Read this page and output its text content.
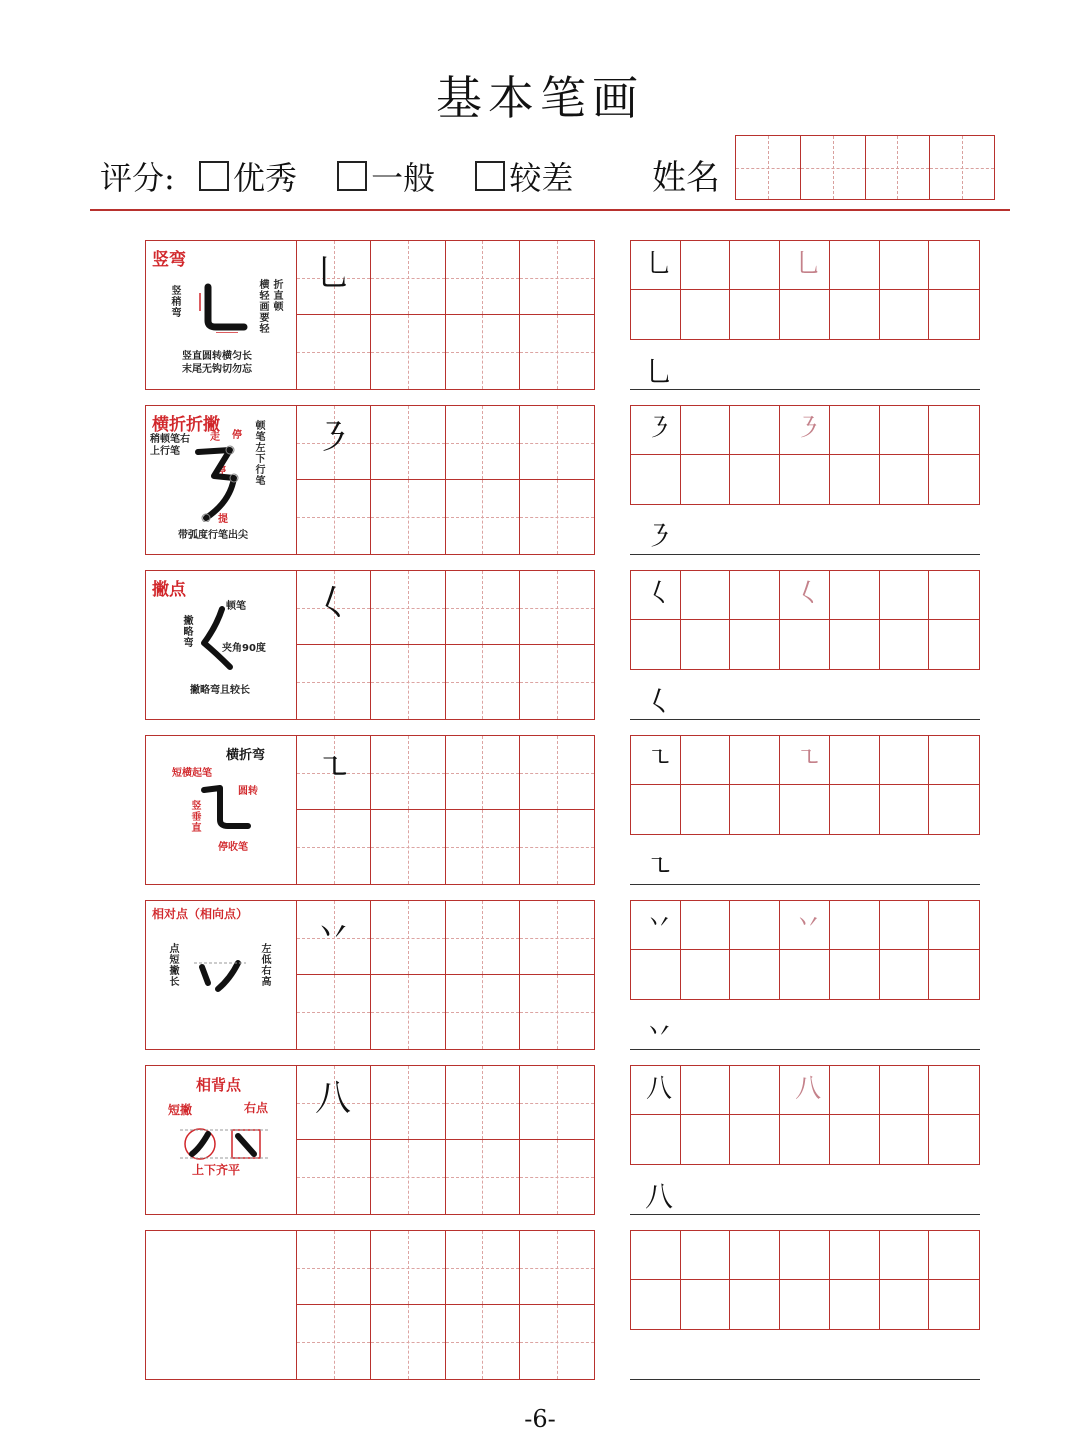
基本笔画
评分: 优秀 一般 较差	姓名
竖弯
竖稍弯	横轻画要轻 折直顿
竖直圆转横匀长
末尾无钩切勿忘
乚	乚	乚
乚
横折折撇
稍顿笔右上行笔	顿笔左下行笔
走 停
停
提
带弧度行笔出尖
㇋	㇋	㇋
㇋
撇点
顿笔
撇略弯
夹角90度
撇略弯且较长
𡿨	𡿨	𡿨
𡿨
横折弯
短横起笔
圆转
竖垂直
停收笔
㇍	㇍	㇍
㇍
相对点（相向点）
点短撇长	左低右高
丷	丷	丷
丷
相背点
短撇	右点
上下齐平
八	八	八
八
-6-
